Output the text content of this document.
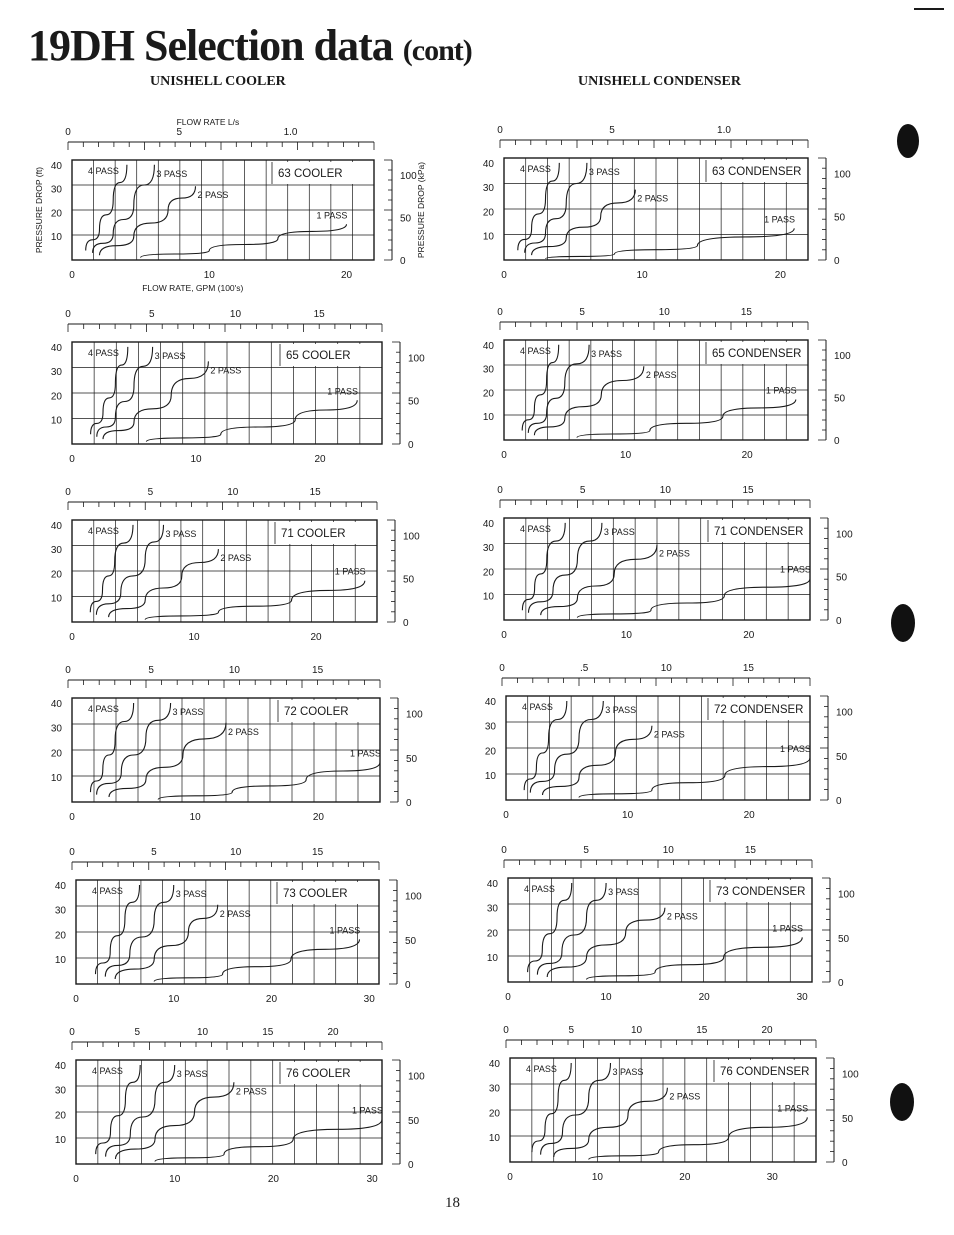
19DH Selection data (cont)
UNISHELL COOLER	UNISHELL CONDENSER
63 COOLER
0	10	20
10
20
30
40
0	5	1.0
0
50
100
FLOW RATE, GPM (100's)
FLOW RATE L/s
PRESSURE DROP (ft)	PRESSURE DROP (kPa)
4 PASS	3 PASS
2 PASS
1 PASS
63 CONDENSER
0	10	20
10
20
30
40
0	5	1.0
0
50
100
4 PASS	3 PASS
2 PASS
1 PASS
65 COOLER
0	10	20
10
20
30
40
0	5	10	15
0
50
100
4 PASS	3 PASS
2 PASS
1 PASS
65 CONDENSER
0	10	20
10
20
30
40
0	5	10	15
0
50
100
4 PASS	3 PASS
2 PASS
1 PASS
71 COOLER
0	10	20
10
20
30
40
0	5	10	15
0
50
100
4 PASS	3 PASS
2 PASS
1 PASS
71 CONDENSER
0	10	20
10
20
30
40
0	5	10	15
0
50
100
4 PASS	3 PASS
2 PASS
1 PASS
72 COOLER
0	10	20
10
20
30
40
0	5	10	15
0
50
100
4 PASS	3 PASS
2 PASS
1 PASS
72 CONDENSER
0	10	20
10
20
30
40
0	.5	10	15
0
50
100
4 PASS	3 PASS
2 PASS
1 PASS
73 COOLER
0	10	20	30
10
20
30
40
0	5	10	15
0
50
100
4 PASS	3 PASS
2 PASS
1 PASS
73 CONDENSER
0	10	20	30
10
20
30
40
0	5	10	15
0
50
100
4 PASS	3 PASS
2 PASS
1 PASS
76 COOLER
0	10	20	30
10
20
30
40
0	5	10	15	20
0
50
100
4 PASS	3 PASS
2 PASS
1 PASS
76 CONDENSER
0	10	20	30
10
20
30
40
0	5	10	15	20
0
50
100
4 PASS	3 PASS
2 PASS
1 PASS

18
